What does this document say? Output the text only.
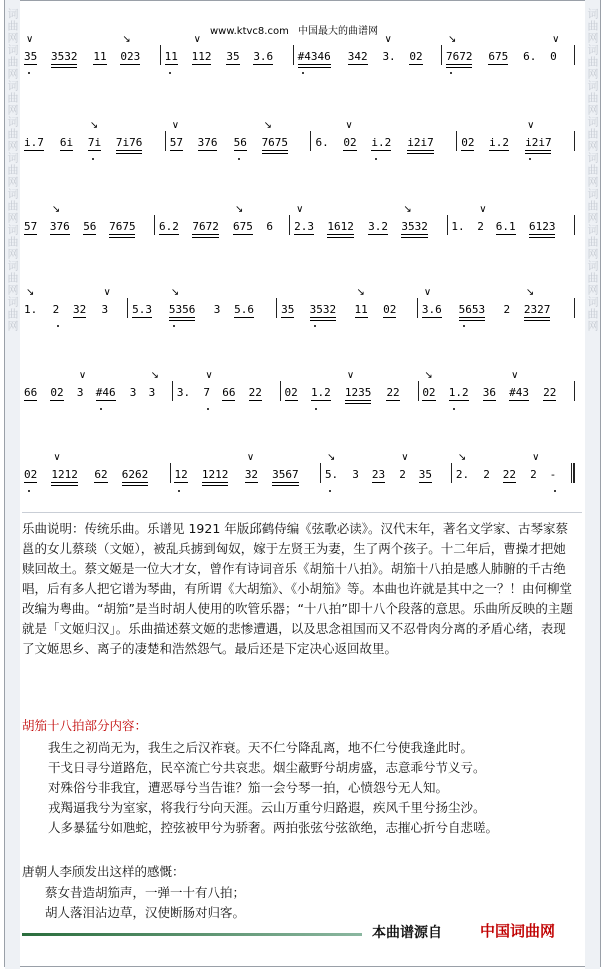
词曲网词曲网词曲网词曲网词曲网词曲网词曲网词曲网词曲网	词曲网词曲网词曲网词曲网词曲网词曲网词曲网词曲网词曲网
www.ktvc8.com 中国最大的曲谱网
35
∨
3532 11 023
↘
11 112
∨
35 3.6 #4346 342 3.
∨
02 7672
↘
675 6. 0
∨
i.7 6i 7i
↘
7i76 57
∨
376 56 7675
↘
6. 02
∨
i.2 i2i7 02 i.2 i2i7
∨
57 376
↘
56 7675 6.2 7672 675
↘
6 2.3
∨
1612 3.2 3532
↘
1. 2
∨
6.1 6123
1.
↘
2 32 3
∨
5.3 5356
↘
3 5.6 35 3532 11
↘
02 3.6
∨
5653 2 2327
↘
66 02 3
∨
#46 3 3
↘
3. 7
∨
66 22 02 1.2 1235
∨
22 02
↘
1.2 36 #43
∨
22
02 1212
∨
62 6262 12 1212 32
∨
3567 5.
↘
3 23 2
∨
35 2.
↘
2 22 2
∨
-

乐曲说明：传统乐曲。乐谱见 1921 年版邱鹤侍编《弦歌必读》。汉代末年，著名文学家、古琴家蔡邕的女儿蔡琰（文姬），被乱兵掳到匈奴，嫁于左贤王为妻，生了两个孩子。十二年后，曹操才把她赎回故土。蔡文姬是一位大才女，曾作有诗词音乐《胡笳十八拍》。胡笳十八拍是感人肺腑的千古绝唱，后有多人把它谱为琴曲，有所谓《大胡笳》、《小胡笳》等。本曲也许就是其中之一？！由何柳堂改编为粤曲。“胡笳”是当时胡人使用的吹管乐器；“十八拍”即十八个段落的意思。乐曲所反映的主题就是「文姬归汉」。乐曲描述蔡文姬的悲惨遭遇，以及思念祖国而又不忍骨肉分离的矛盾心绪，表现了文姬思乡、离子的凄楚和浩然怨气。最后还是下定决心返回故里。

胡笳十八拍部分内容：
我生之初尚无为，我生之后汉祚衰。天不仁兮降乱离，地不仁兮使我逢此时。
干戈日寻兮道路危，民卒流亡兮共哀悲。烟尘蔽野兮胡虏盛，志意乖兮节义亏。
对殊俗兮非我宜，遭恶辱兮当告谁？笳一会兮琴一拍，心愤怨兮无人知。
戎羯逼我兮为室家，将我行兮向天涯。云山万重兮归路遐，疾风千里兮扬尘沙。
人多暴猛兮如虺蛇，控弦被甲兮为骄奢。两拍张弦兮弦欲绝，志摧心折兮自悲嗟。
唐朝人李颀发出这样的感慨：
蔡女昔造胡笳声，一弹一十有八拍；
胡人落泪沾边草，汉使断肠对归客。
本曲谱源自	中国词曲网
